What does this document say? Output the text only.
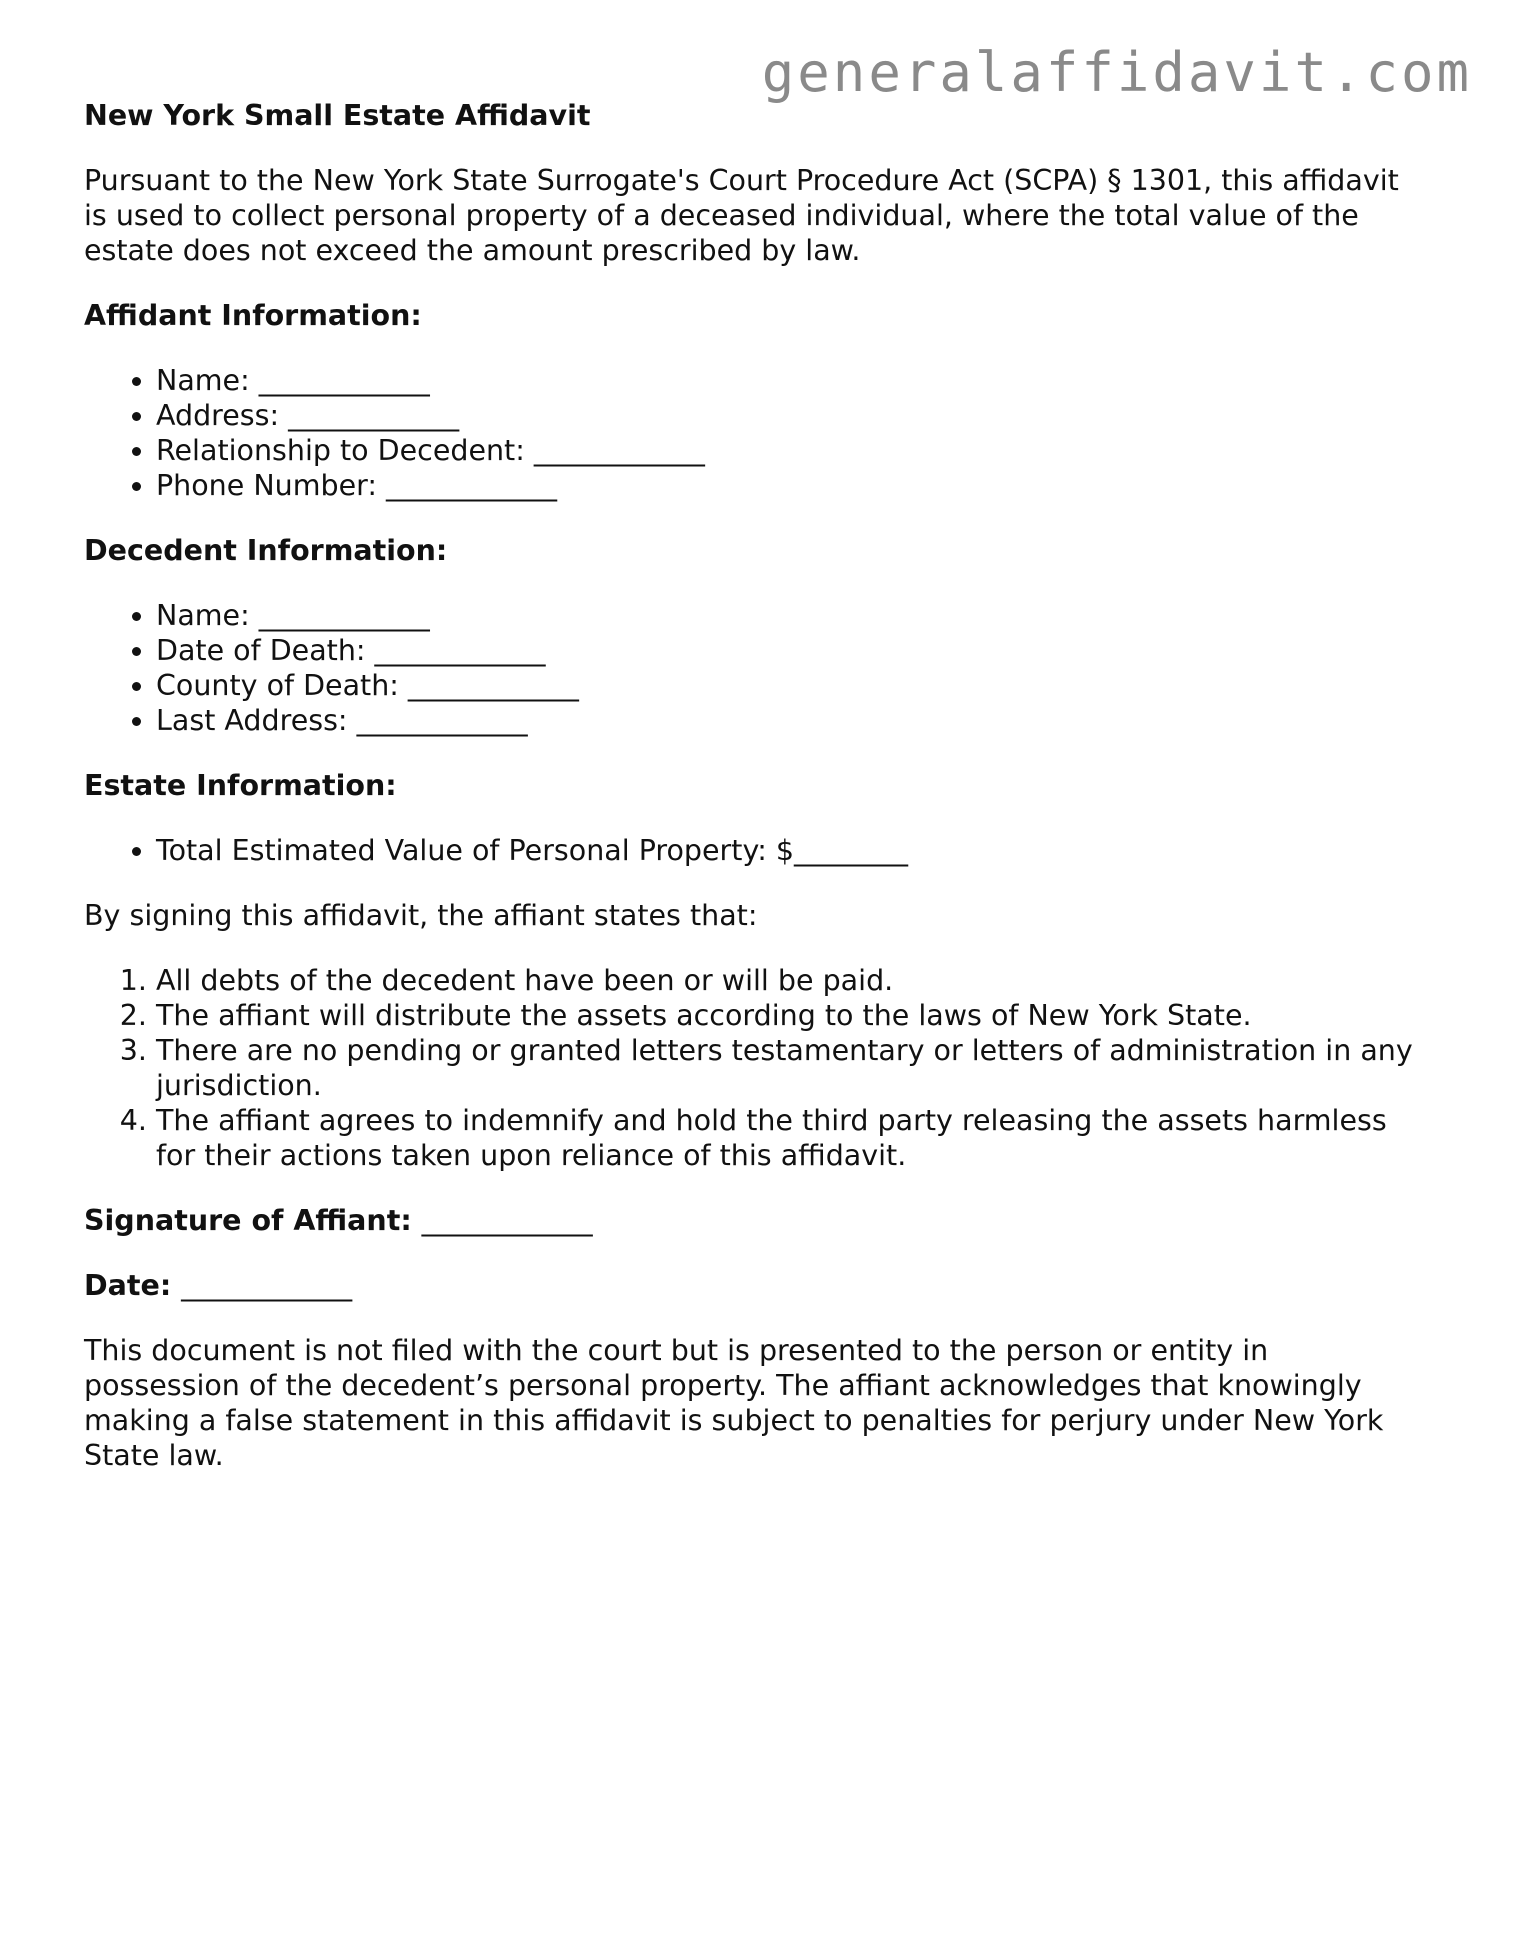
generalaffidavit.com
New York Small Estate Affidavit

Pursuant to the New York State Surrogate's Court Procedure Act (SCPA) § 1301, this affidavit is used to collect personal property of a deceased individual, where the total value of the estate does not exceed the amount prescribed by law.

Affidant Information:
• Name: ____________
• Address: ____________
• Relationship to Decedent: ____________
• Phone Number: ____________
Decedent Information:
• Name: ____________
• Date of Death: ____________
• County of Death: ____________
• Last Address: ____________
Estate Information:
• Total Estimated Value of Personal Property: $________

By signing this affidavit, the affiant states that:

1. All debts of the decedent have been or will be paid.
2. The affiant will distribute the assets according to the laws of New York State.
3. There are no pending or granted letters testamentary or letters of administration in any jurisdiction.
4. The affiant agrees to indemnify and hold the third party releasing the assets harmless for their actions taken upon reliance of this affidavit.
Signature of Affiant: ____________
Date: ____________

This document is not filed with the court but is presented to the person or entity in possession of the decedent’s personal property. The affiant acknowledges that knowingly making a false statement in this affidavit is subject to penalties for perjury under New York State law.
